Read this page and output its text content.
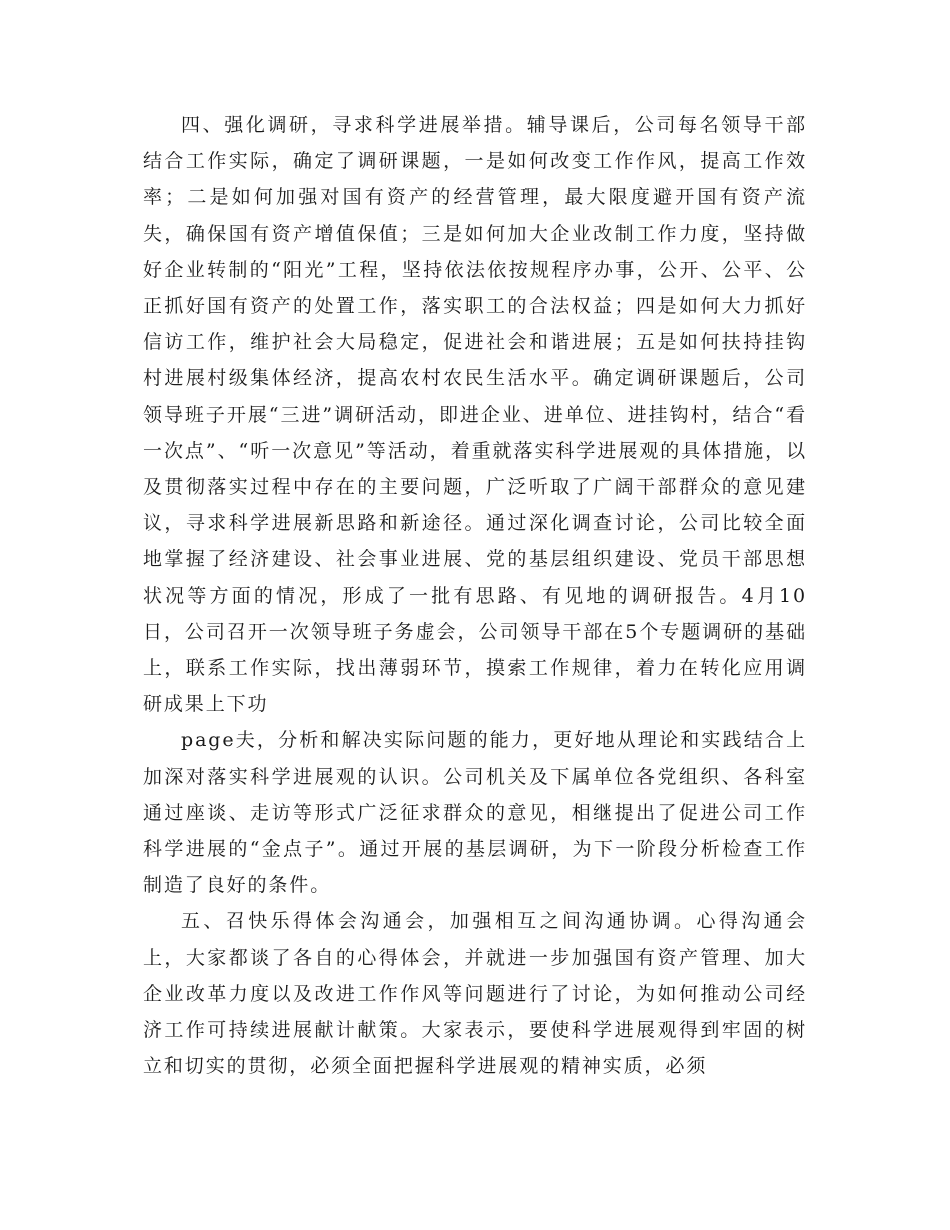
四、强化调研，寻求科学进展举措。辅导课后，公司每名领导干部结合工作实际，确定了调研课题，一是如何改变工作作风，提高工作效率；二是如何加强对国有资产的经营管理，最大限度避开国有资产流失，确保国有资产增值保值；三是如何加大企业改制工作力度，坚持做好企业转制的“阳光”工程，坚持依法依按规程序办事，公开、公平、公正抓好国有资产的处置工作，落实职工的合法权益；四是如何大力抓好信访工作，维护社会大局稳定，促进社会和谐进展；五是如何扶持挂钩村进展村级集体经济，提高农村农民生活水平。确定调研课题后，公司领导班子开展“三进”调研活动，即进企业、进单位、进挂钩村，结合“看一次点”、“听一次意见”等活动，着重就落实科学进展观的具体措施，以及贯彻落实过程中存在的主要问题，广泛听取了广阔干部群众的意见建议，寻求科学进展新思路和新途径。通过深化调查讨论，公司比较全面地掌握了经济建设、社会事业进展、党的基层组织建设、党员干部思想状况等方面的情况，形成了一批有思路、有见地的调研报告。4月10日，公司召开一次领导班子务虚会，公司领导干部在5个专题调研的基础上，联系工作实际，找出薄弱环节，摸索工作规律，着力在转化应用调研成果上下功

page夫，分析和解决实际问题的能力，更好地从理论和实践结合上加深对落实科学进展观的认识。公司机关及下属单位各党组织、各科室通过座谈、走访等形式广泛征求群众的意见，相继提出了促进公司工作科学进展的“金点子”。通过开展的基层调研，为下一阶段分析检查工作制造了良好的条件。

五、召快乐得体会沟通会，加强相互之间沟通协调。心得沟通会上，大家都谈了各自的心得体会，并就进一步加强国有资产管理、加大企业改革力度以及改进工作作风等问题进行了讨论，为如何推动公司经济工作可持续进展献计献策。大家表示，要使科学进展观得到牢固的树立和切实的贯彻，必须全面把握科学进展观的精神实质，必须
